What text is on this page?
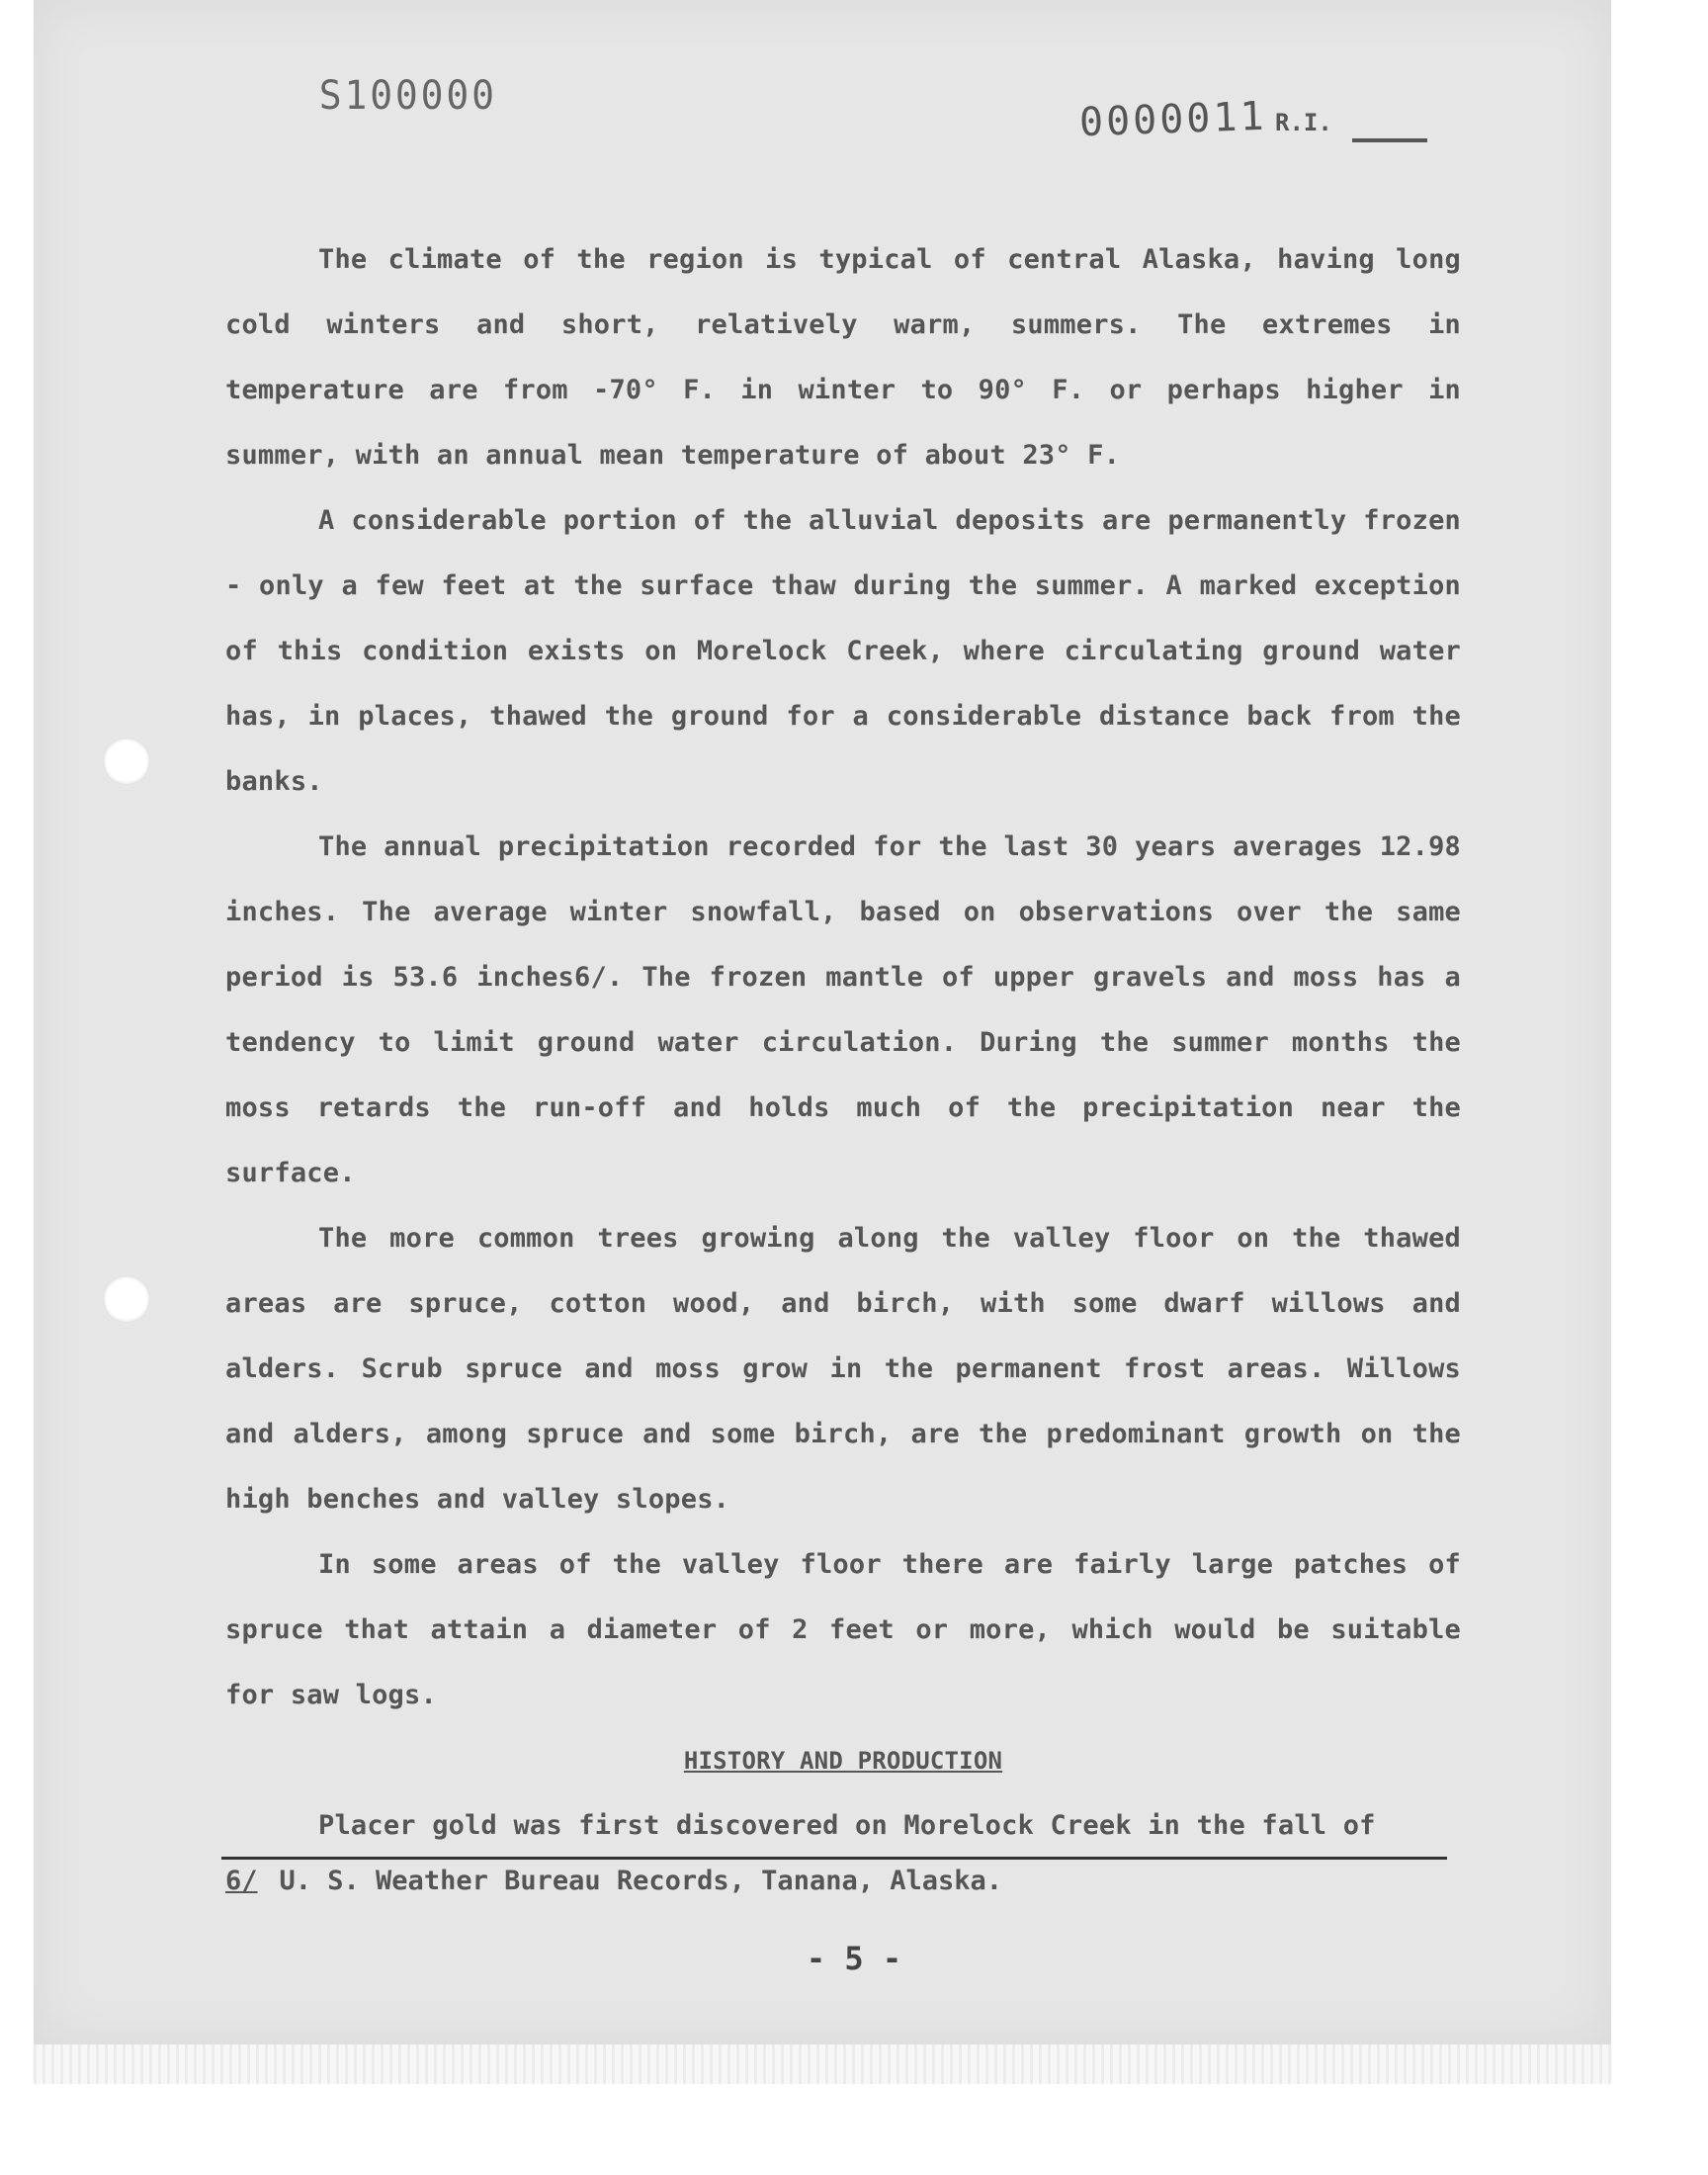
S100000	0000011 R.I.

The climate of the region is typical of central Alaska, having long cold winters and short, relatively warm, summers. The extremes in temperature are from -70° F. in winter to 90° F. or perhaps higher in summer, with an annual mean temperature of about 23° F.

A considerable portion of the alluvial deposits are permanently frozen - only a few feet at the surface thaw during the summer. A marked exception of this condition exists on Morelock Creek, where circulating ground water has, in places, thawed the ground for a considerable distance back from the banks.

The annual precipitation recorded for the last 30 years averages 12.98 inches. The average winter snowfall, based on observations over the same period is 53.6 inches6/. The frozen mantle of upper gravels and moss has a tendency to limit ground water circulation. During the summer months the moss retards the run-off and holds much of the precipitation near the surface.

The more common trees growing along the valley floor on the thawed areas are spruce, cotton wood, and birch, with some dwarf willows and alders. Scrub spruce and moss grow in the permanent frost areas. Willows and alders, among spruce and some birch, are the predominant growth on the high benches and valley slopes.

In some areas of the valley floor there are fairly large patches of spruce that attain a diameter of 2 feet or more, which would be suitable for saw logs.

HISTORY AND PRODUCTION

Placer gold was first discovered on Morelock Creek in the fall of

6/ U. S. Weather Bureau Records, Tanana, Alaska.
- 5 -
